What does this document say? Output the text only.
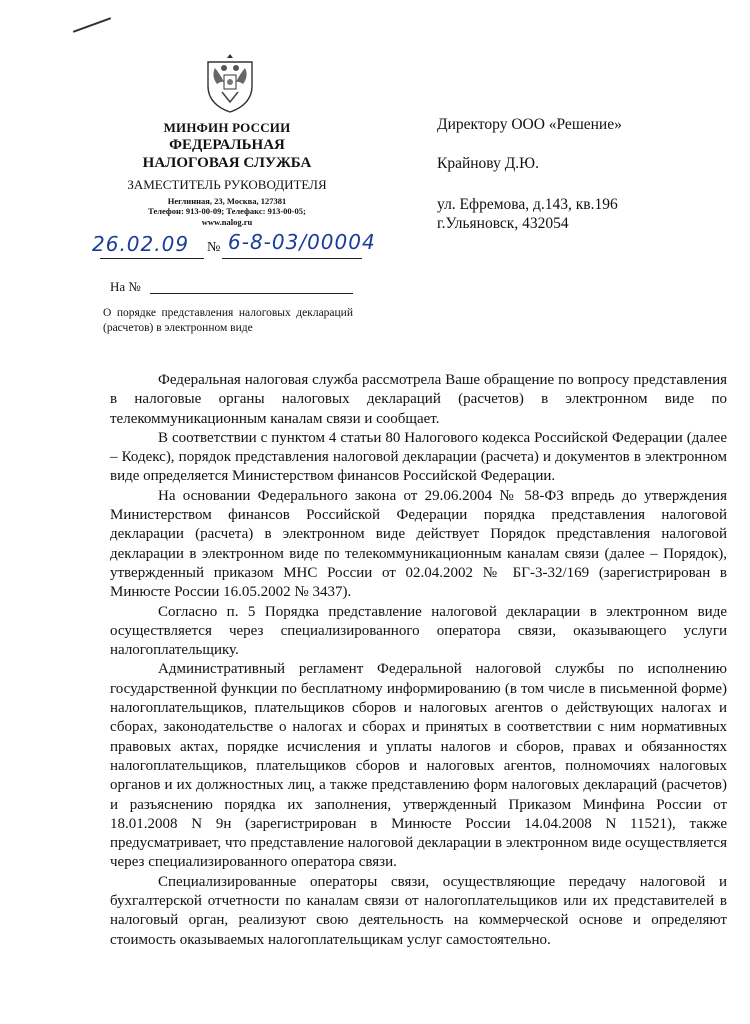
МИНФИН РОССИИ
ФЕДЕРАЛЬНАЯ
НАЛОГОВАЯ СЛУЖБА
ЗАМЕСТИТЕЛЬ РУКОВОДИТЕЛЯ
Неглинная, 23, Москва, 127381
Телефон: 913-00-09; Телефакс: 913-00-05;
www.nalog.ru
26.02.09	№ 6-8-03/00004
На №
О порядке представления налоговых деклараций (расчетов) в электронном виде
Директору ООО «Решение»
Крайнову Д.Ю.
ул. Ефремова, д.143, кв.196
г.Ульяновск, 432054

Федеральная налоговая служба рассмотрела Ваше обращение по вопросу представления в налоговые органы налоговых деклараций (расчетов) в электронном виде по телекоммуникационным каналам связи и сообщает.

В соответствии с пунктом 4 статьи 80 Налогового кодекса Российской Федерации (далее – Кодекс), порядок представления налоговой декларации (расчета) и документов в электронном виде определяется Министерством финансов Российской Федерации.

На основании Федерального закона от 29.06.2004 № 58-ФЗ впредь до утверждения Министерством финансов Российской Федерации порядка представления налоговой декларации (расчета) в электронном виде действует Порядок представления налоговой декларации в электронном виде по телекоммуникационным каналам связи (далее – Порядок), утвержденный приказом МНС России от 02.04.2002 № БГ-3-32/169 (зарегистрирован в Минюсте России 16.05.2002 № 3437).

Согласно п. 5 Порядка представление налоговой декларации в электронном виде осуществляется через специализированного оператора связи, оказывающего услуги налогоплательщику.

Административный регламент Федеральной налоговой службы по исполнению государственной функции по бесплатному информированию (в том числе в письменной форме) налогоплательщиков, плательщиков сборов и налоговых агентов о действующих налогах и сборах, законодательстве о налогах и сборах и принятых в соответствии с ним нормативных правовых актах, порядке исчисления и уплаты налогов и сборов, правах и обязанностях налогоплательщиков, плательщиков сборов и налоговых агентов, полномочиях налоговых органов и их должностных лиц, а также представлению форм налоговых деклараций (расчетов) и разъяснению порядка их заполнения, утвержденный Приказом Минфина России от 18.01.2008 N 9н (зарегистрирован в Минюсте России 14.04.2008 N 11521), также предусматривает, что представление налоговой декларации в электронном виде осуществляется через специализированного оператора связи.

Специализированные операторы связи, осуществляющие передачу налоговой и бухгалтерской отчетности по каналам связи от налогоплательщиков или их представителей в налоговый орган, реализуют свою деятельность на коммерческой основе и определяют стоимость оказываемых налогоплательщикам услуг самостоятельно.
